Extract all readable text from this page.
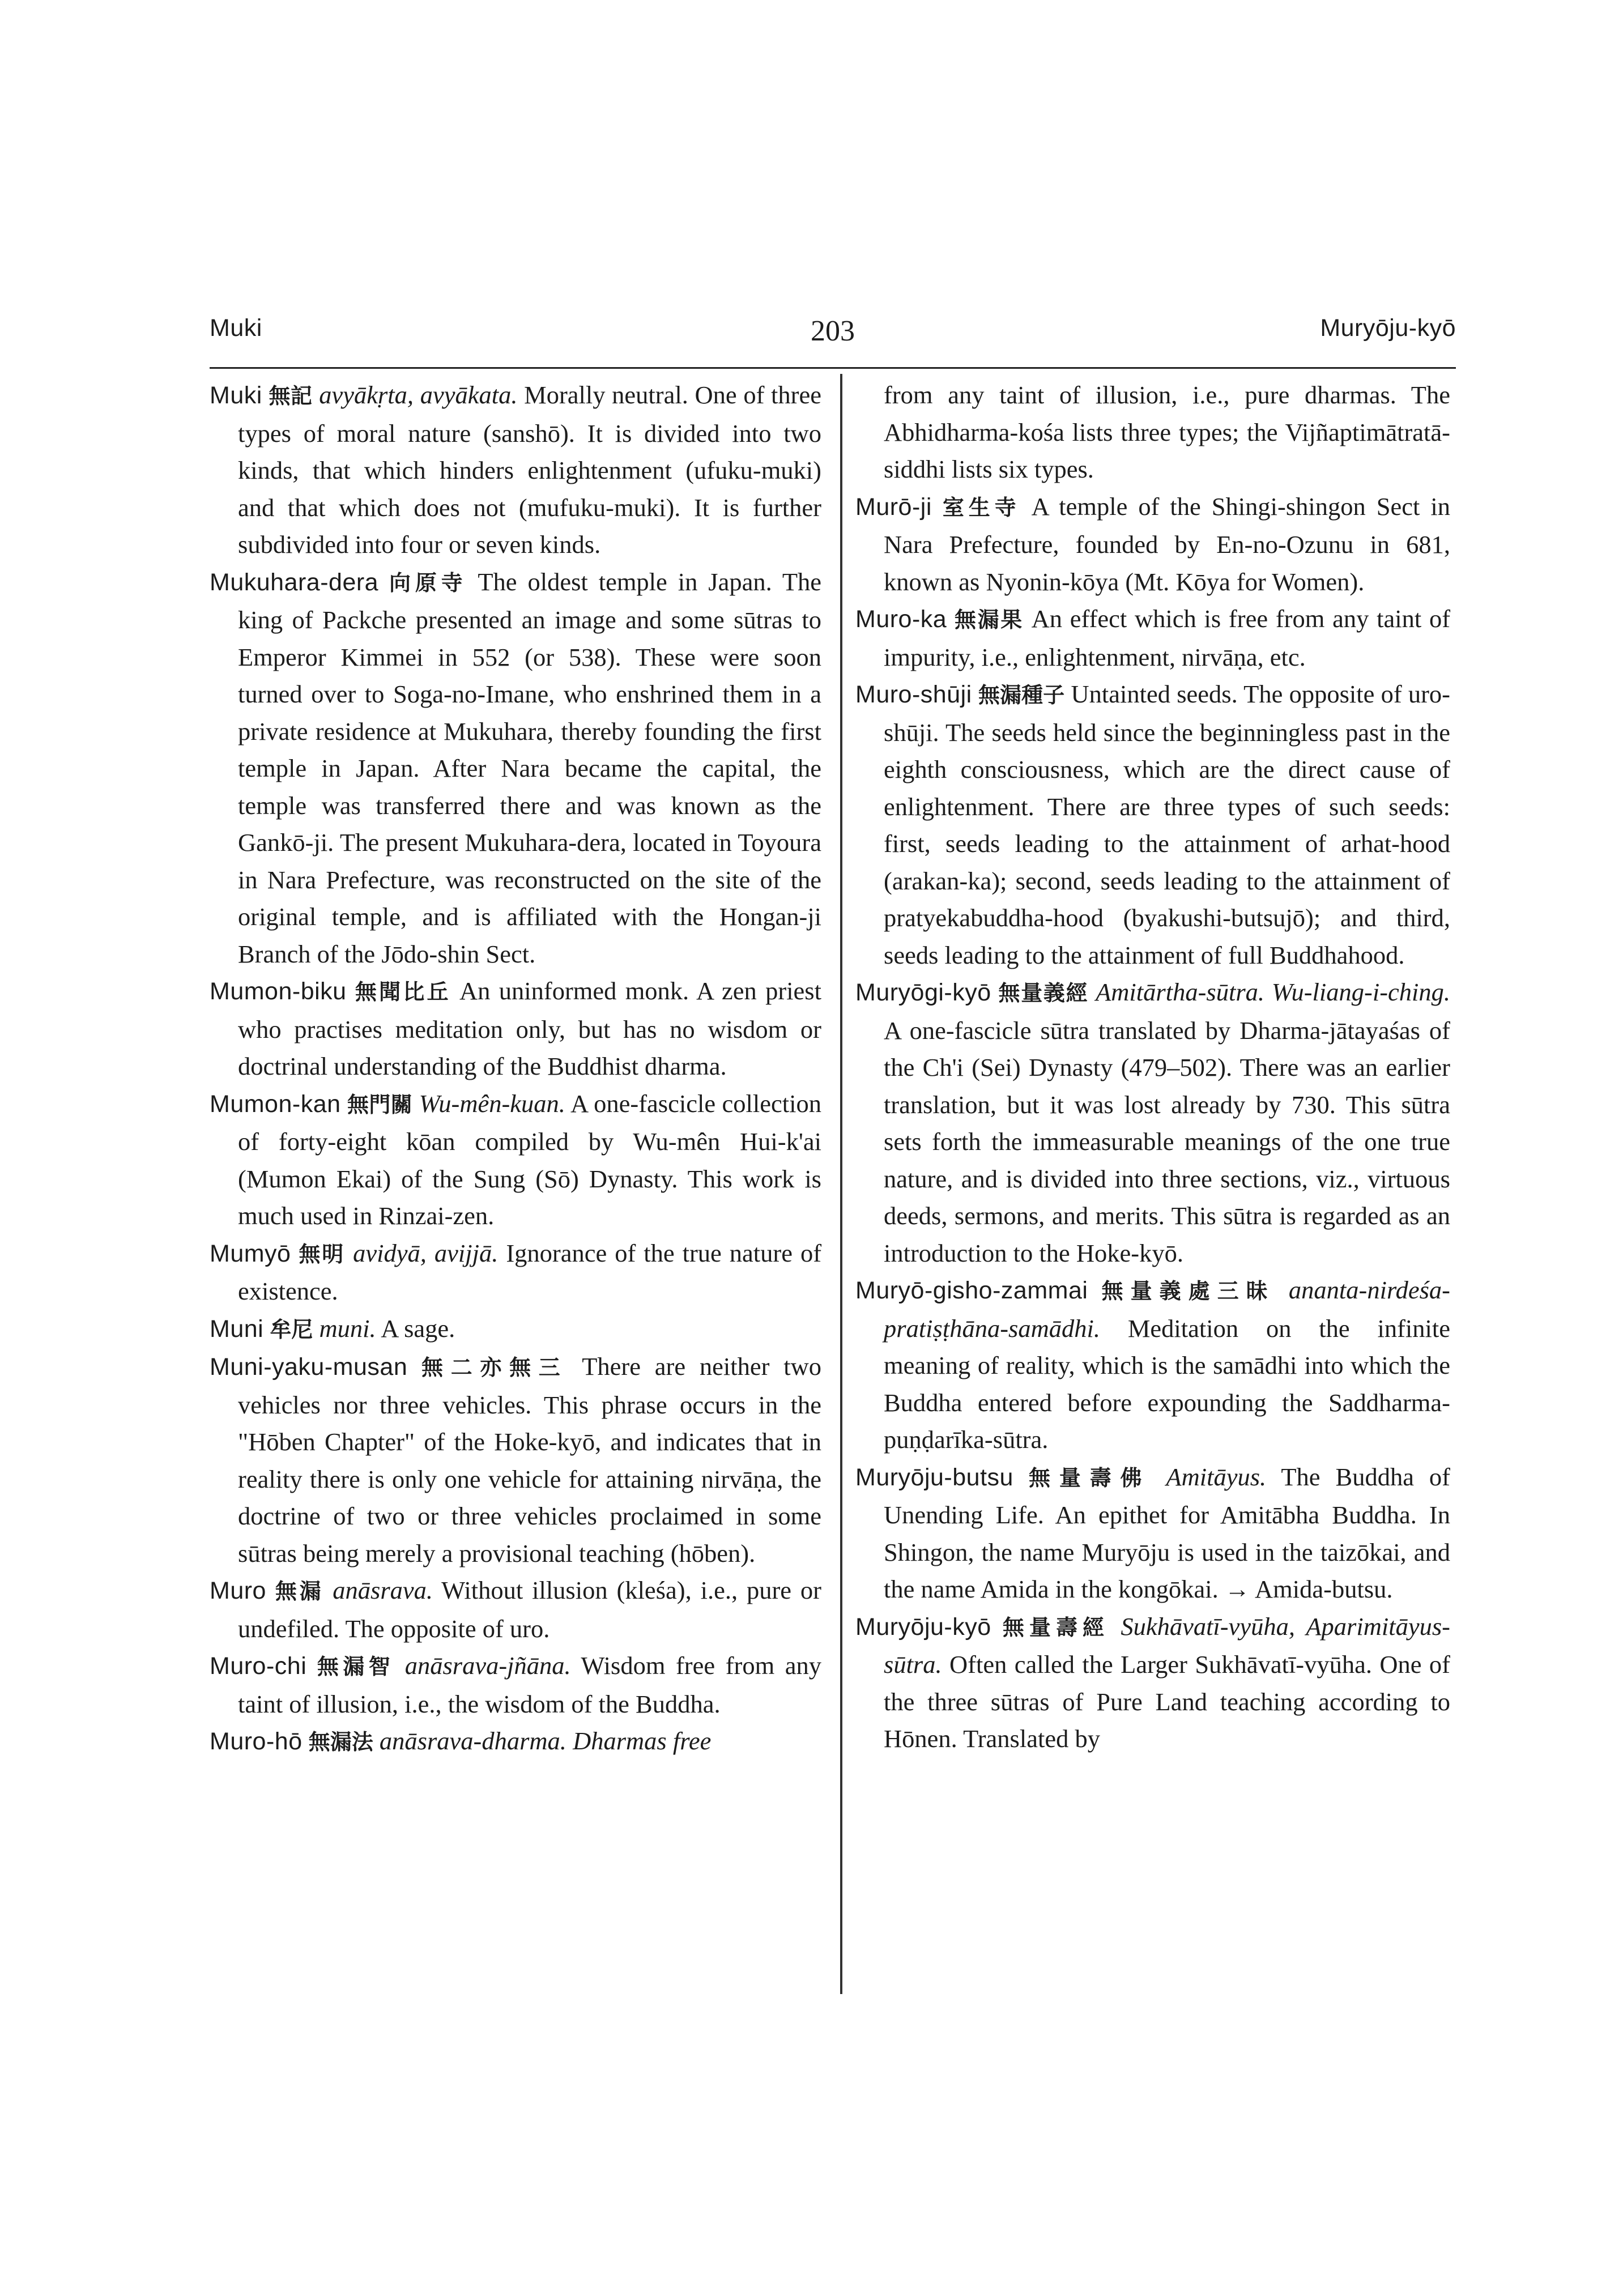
Muki	203	Muryōju-kyō

Muki 無記 avyākṛta, avyākata. Morally neutral. One of three types of moral nature (sanshō). It is divided into two kinds, that which hinders enlightenment (ufuku-muki) and that which does not (mufuku-muki). It is further subdivided into four or seven kinds.

Mukuhara-dera 向原寺 The oldest temple in Japan. The king of Packche presented an image and some sūtras to Emperor Kimmei in 552 (or 538). These were soon turned over to Soga-no-Imane, who enshrined them in a private residence at Mukuhara, thereby founding the first temple in Japan. After Nara became the capital, the temple was transferred there and was known as the Gankō-ji. The present Mukuhara-dera, located in Toyoura in Nara Prefecture, was reconstructed on the site of the original temple, and is affiliated with the Hongan-ji Branch of the Jōdo-shin Sect.

Mumon-biku 無聞比丘 An uninformed monk. A zen priest who practises meditation only, but has no wisdom or doctrinal understanding of the Buddhist dharma.

Mumon-kan 無門關 Wu-mên-kuan. A one-fascicle collection of forty-eight kōan compiled by Wu-mên Hui-k'ai (Mumon Ekai) of the Sung (Sō) Dynasty. This work is much used in Rinzai-zen.

Mumyō 無明 avidyā, avijjā. Ignorance of the true nature of existence.

Muni 牟尼 muni. A sage.

Muni-yaku-musan 無二亦無三 There are neither two vehicles nor three vehicles. This phrase occurs in the "Hōben Chapter" of the Hoke-kyō, and indicates that in reality there is only one vehicle for attaining nirvāṇa, the doctrine of two or three vehicles proclaimed in some sūtras being merely a provisional teaching (hōben).

Muro 無漏 anāsrava. Without illusion (kleśa), i.e., pure or undefiled. The opposite of uro.

Muro-chi 無漏智 anāsrava-jñāna. Wisdom free from any taint of illusion, i.e., the wisdom of the Buddha.

Muro-hō 無漏法 anāsrava-dharma. Dharmas free

from any taint of illusion, i.e., pure dharmas. The Abhidharma-kośa lists three types; the Vijñaptimātratā-siddhi lists six types.

Murō-ji 室生寺 A temple of the Shingi-shingon Sect in Nara Prefecture, founded by En-no-Ozunu in 681, known as Nyonin-kōya (Mt. Kōya for Women).

Muro-ka 無漏果 An effect which is free from any taint of impurity, i.e., enlightenment, nirvāṇa, etc.

Muro-shūji 無漏種子 Untainted seeds. The opposite of uro-shūji. The seeds held since the beginningless past in the eighth consciousness, which are the direct cause of enlightenment. There are three types of such seeds: first, seeds leading to the attainment of arhat-hood (arakan-ka); second, seeds leading to the attainment of pratyekabuddha-hood (byakushi-butsujō); and third, seeds leading to the attainment of full Buddhahood.

Muryōgi-kyō 無量義經 Amitārtha-sūtra. Wu-liang-i-ching. A one-fascicle sūtra translated by Dharma-jātayaśas of the Ch'i (Sei) Dynasty (479–502). There was an earlier translation, but it was lost already by 730. This sūtra sets forth the immeasurable meanings of the one true nature, and is divided into three sections, viz., virtuous deeds, sermons, and merits. This sūtra is regarded as an introduction to the Hoke-kyō.

Muryō-gisho-zammai 無量義處三昧 ananta-nirdeśa-pratiṣṭhāna-samādhi. Meditation on the infinite meaning of reality, which is the samādhi into which the Buddha entered before expounding the Saddharma-puṇḍarīka-sūtra.

Muryōju-butsu 無量壽佛 Amitāyus. The Buddha of Unending Life. An epithet for Amitābha Buddha. In Shingon, the name Muryōju is used in the taizōkai, and the name Amida in the kongōkai. → Amida-butsu.

Muryōju-kyō 無量壽經 Sukhāvatī-vyūha, Aparimitāyus-sūtra. Often called the Larger Sukhāvatī-vyūha. One of the three sūtras of Pure Land teaching according to Hōnen. Translated by
